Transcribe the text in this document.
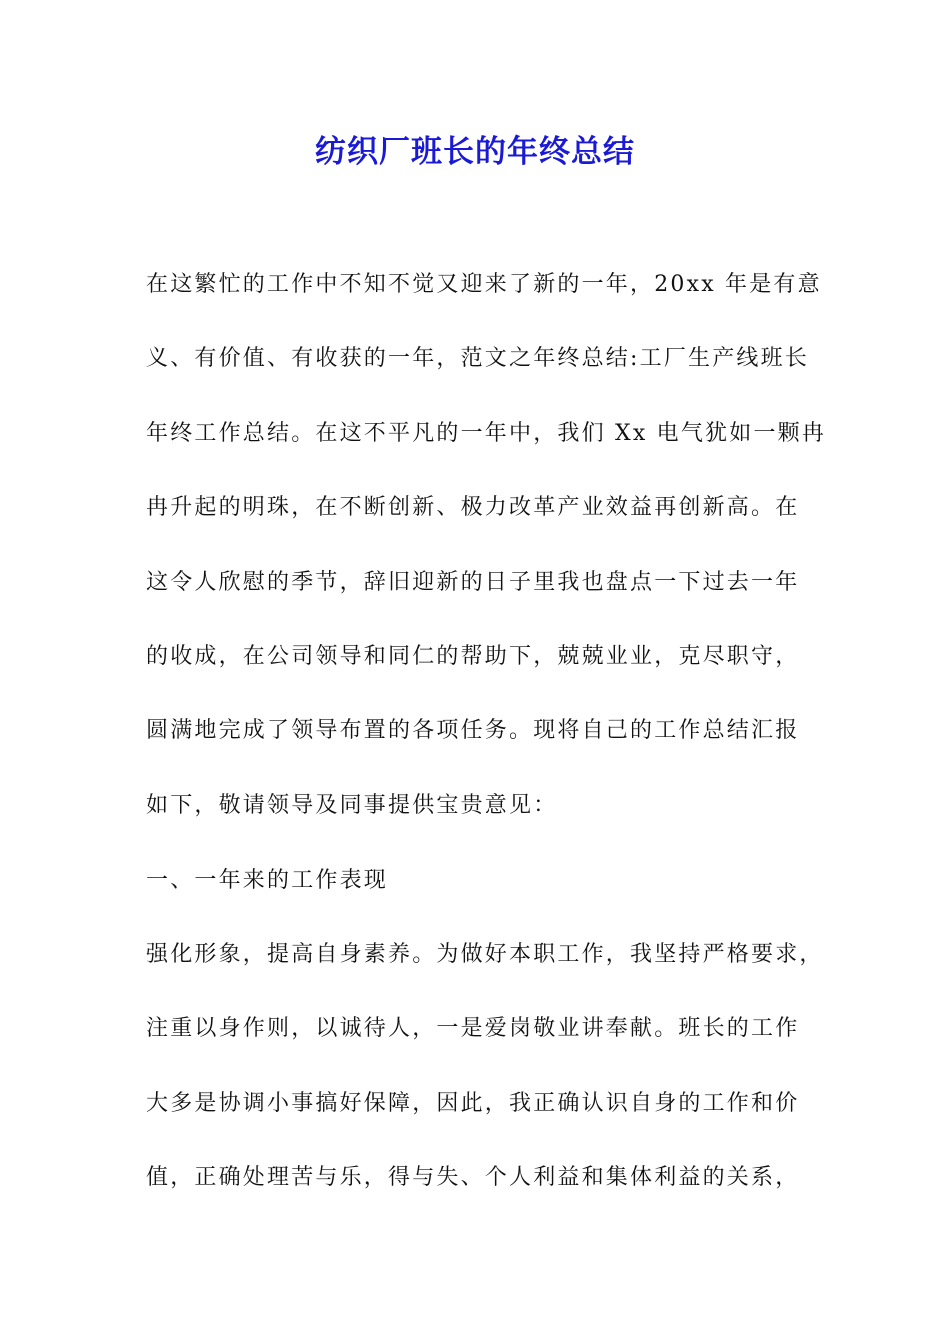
纺织厂班长的年终总结
在这繁忙的工作中不知不觉又迎来了新的一年，20xx 年是有意
义、有价值、有收获的一年，范文之年终总结:工厂生产线班长
年终工作总结。在这不平凡的一年中，我们 Xx 电气犹如一颗冉
冉升起的明珠，在不断创新、极力改革产业效益再创新高。在
这令人欣慰的季节，辞旧迎新的日子里我也盘点一下过去一年
的收成，在公司领导和同仁的帮助下，兢兢业业，克尽职守，
圆满地完成了领导布置的各项任务。现将自己的工作总结汇报
如下，敬请领导及同事提供宝贵意见：
一、一年来的工作表现
强化形象，提高自身素养。为做好本职工作，我坚持严格要求，
注重以身作则，以诚待人，一是爱岗敬业讲奉献。班长的工作
大多是协调小事搞好保障，因此，我正确认识自身的工作和价
值，正确处理苦与乐，得与失、个人利益和集体利益的关系，
